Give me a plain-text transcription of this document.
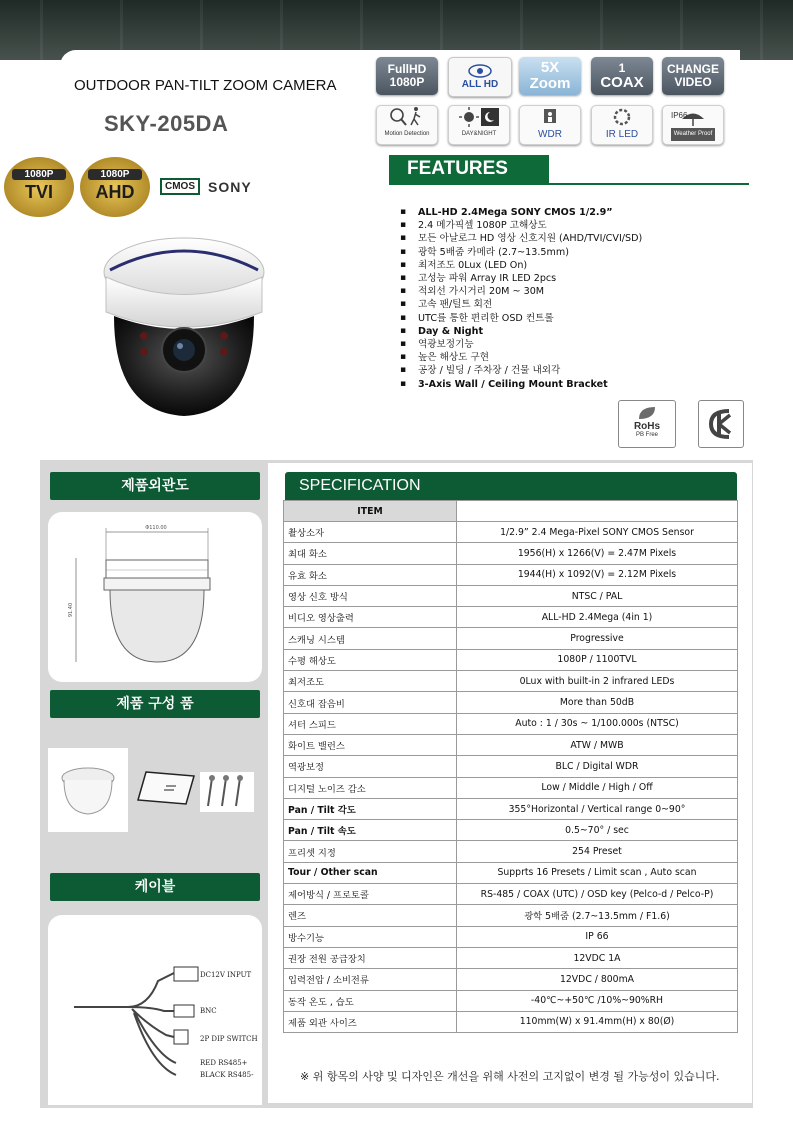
OUTDOOR PAN-TILT ZOOM CAMERA
SKY-205DA
FullHD
1080P	ALL HD
5X
Zoom
1
COAX
CHANGE
VIDEO
Motion Detection	DAY&NIGHT	WDR	IR LED
IP66
Weather Proof
1080P
TVI
1080P
AHD	CMOS SONY
FEATURES
▪ ALL-HD 2.4Mega SONY CMOS 1/2.9”
▪ 2.4 메가픽셀 1080P 고해상도
▪ 모든 아날로그 HD 영상 신호지원 (AHD/TVI/CVI/SD)
▪ 광학 5배줌 카메라 (2.7~13.5mm)
▪ 최저조도 0Lux (LED On)
▪ 고성능 파워 Array IR LED 2pcs
▪ 적외선 가시거리 20M ~ 30M
▪ 고속 팬/틸트 회전
▪ UTC를 통한 편리한 OSD 컨트롤
▪ Day & Night
▪ 역광보정기능
▪ 높은 해상도 구현
▪ 공장 / 빌딩 / 주차장 / 건물 내외각
▪ 3-Axis Wall / Ceiling Mount Bracket
RoHs
PB Free
제품외관도
Φ110.00
91.40
제품 구성 품
케이블
DC12V INPUT
BNC
2P DIP SWITCH
RED RS485+
BLACK RS485-
SPECIFICATION
ITEM	
촬상소자	1/2.9” 2.4 Mega-Pixel SONY CMOS Sensor
최대 화소	1956(H) x 1266(V) = 2.47M Pixels
유효 화소	1944(H) x 1092(V) = 2.12M Pixels
영상 신호 방식	NTSC / PAL
비디오 영상출력	ALL-HD 2.4Mega (4in 1)
스캐닝 시스템	Progressive
수평 해상도	1080P / 1100TVL
최저조도	0Lux with built-in 2 infrared LEDs
신호대 잡음비	More than 50dB
셔터 스피드	Auto : 1 / 30s ~ 1/100.000s (NTSC)
화이트 밸런스	ATW / MWB
역광보정	BLC / Digital WDR
디지털 노이즈 감소	Low / Middle / High / Off
Pan / Tilt 각도	355°Horizontal / Vertical range 0~90°
Pan / Tilt 속도	0.5~70° / sec
프리셋 지정	254 Preset
Tour / Other scan	Supprts 16 Presets / Limit scan , Auto scan
제어방식 / 프로토콜	RS-485 / COAX (UTC) / OSD key (Pelco-d / Pelco-P)
렌즈	광학 5배줌 (2.7~13.5mm / F1.6)
방수기능	IP 66
권장 전원 공급장치	12VDC 1A
입력전압 / 소비전류	12VDC / 800mA
동작 온도 , 습도	-40℃~+50℃ /10%~90%RH
제품 외관 사이즈	110mm(W) x 91.4mm(H) x 80(Ø)
※ 위 항목의 사양 및 디자인은 개선을 위해 사전의 고지없이 변경 될 가능성이 있습니다.
